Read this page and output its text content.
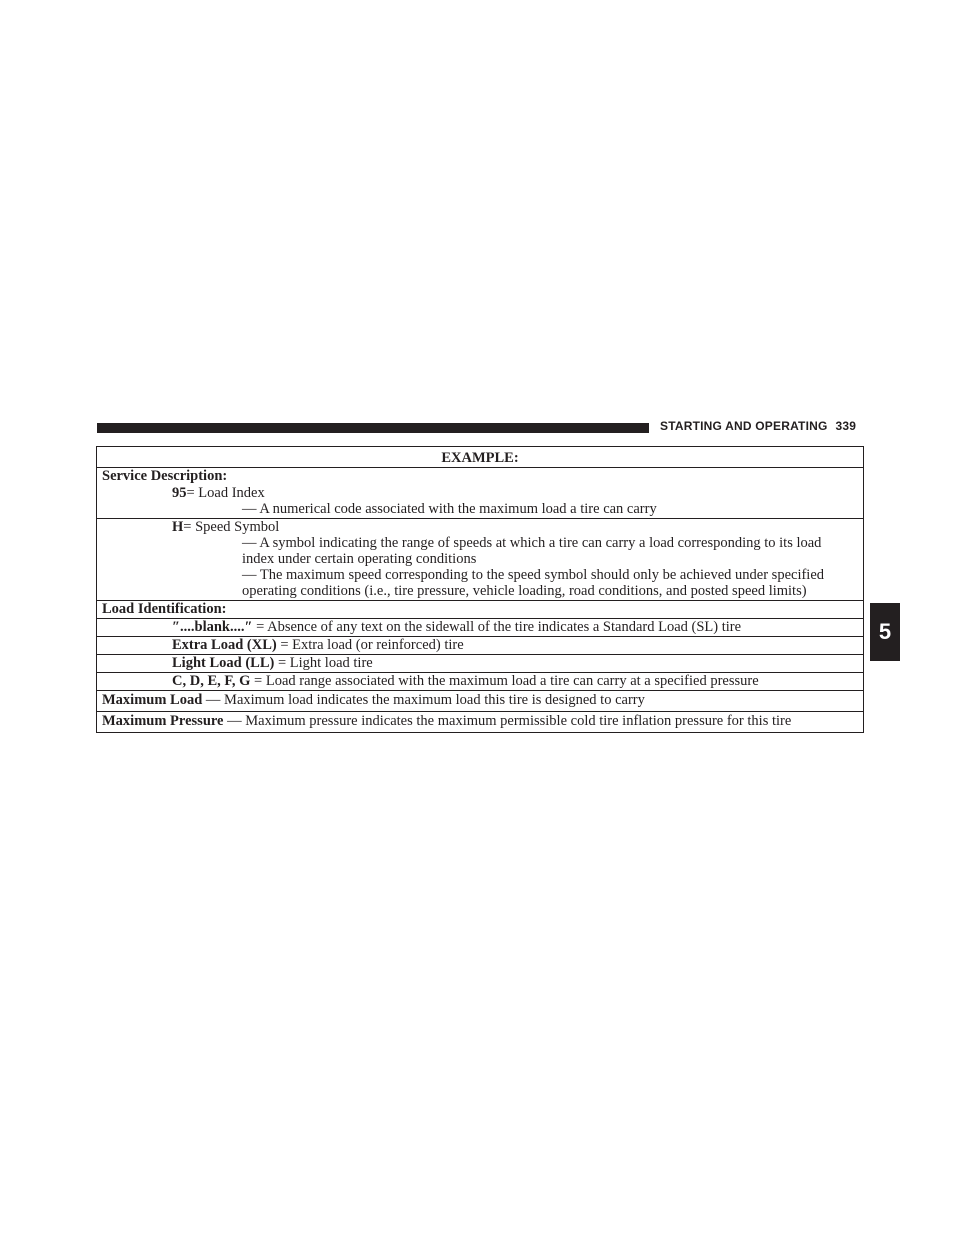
STARTING AND OPERATING 339
5
EXAMPLE:
Service Description:
95= Load Index
— A numerical code associated with the maximum load a tire can carry
H= Speed Symbol
— A symbol indicating the range of speeds at which a tire can carry a load corresponding to its load index under certain operating conditions
— The maximum speed corresponding to the speed symbol should only be achieved under specified operating conditions (i.e., tire pressure, vehicle loading, road conditions, and posted speed limits)
Load Identification:
″....blank....″ = Absence of any text on the sidewall of the tire indicates a Standard Load (SL) tire
Extra Load (XL) = Extra load (or reinforced) tire
Light Load (LL) = Light load tire
C, D, E, F, G = Load range associated with the maximum load a tire can carry at a specified pressure
Maximum Load — Maximum load indicates the maximum load this tire is designed to carry
Maximum Pressure — Maximum pressure indicates the maximum permissible cold tire inflation pressure for this tire
